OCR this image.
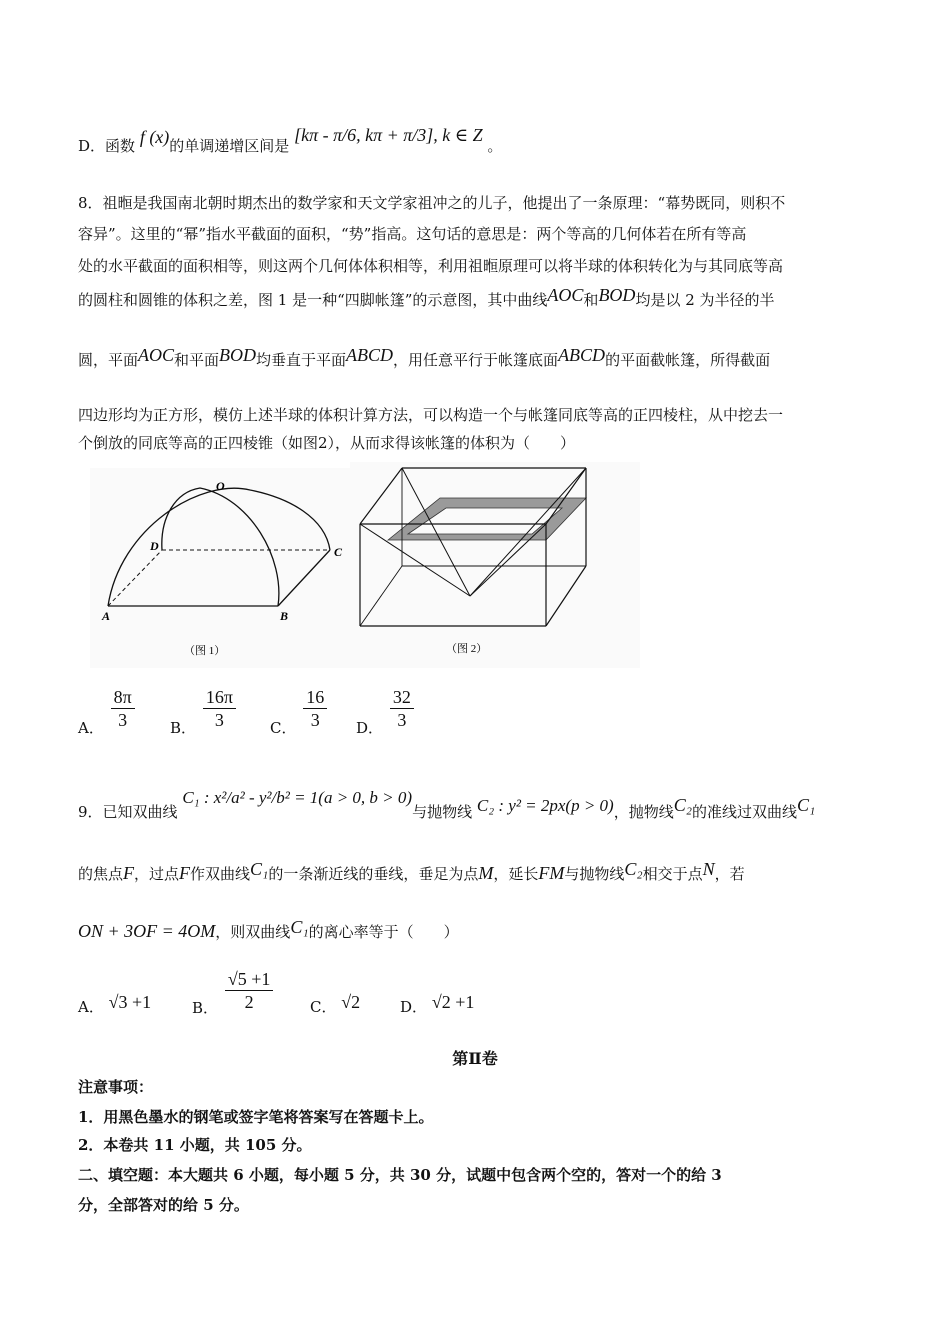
D．函数 f (x)的单调递增区间是 [kπ - π/6, kπ + π/3], k ∈ Z 。
8．祖暅是我国南北朝时期杰出的数学家和天文学家祖冲之的儿子，他提出了一条原理：“幕势既同，则积不
容异”。这里的“幂”指水平截面的面积，“势”指高。这句话的意思是：两个等高的几何体若在所有等高
处的水平截面的面积相等，则这两个几何体体积相等，利用祖暅原理可以将半球的体积转化为与其同底等高
的圆柱和圆锥的体积之差，图 1 是一种“四脚帐篷”的示意图，其中曲线AOC和BOD均是以 2 为半径的半
圆，平面AOC和平面BOD均垂直于平面ABCD，用任意平行于帐篷底面ABCD的平面截帐篷，所得截面
四边形均为正方形，模仿上述半球的体积计算方法，可以构造一个与帐篷同底等高的正四棱柱，从中挖去一
个倒放的同底等高的正四棱锥（如图2），从而求得该帐篷的体积为（　　）
O
A	B
C
D
（图 1）	（图 2）
A． $\frac{8\pi}{3}$ B． $\frac{16\pi}{3}$ C． $\frac{16}{3}$ D． $\frac{32}{3}$
9．已知双曲线 C₁ : x²/a² - y²/b² = 1(a > 0, b > 0)与抛物线 C₂ : y² = 2px(p > 0)，抛物线C₂的准线过双曲线C₁
的焦点F，过点F作双曲线C₁的一条渐近线的垂线，垂足为点M，延长FM与抛物线C₂相交于点N，若
ON + 3OF = 4OM，则双曲线C₁的离心率等于（　　）
A． √3 +1	B． $\frac{√5 +1}{2}$ C． √2	D． √2 +1
第Ⅱ卷
注意事项：
1．用黑色墨水的钢笔或签字笔将答案写在答题卡上。
2．本卷共 11 小题，共 105 分。
二、填空题：本大题共 6 小题，每小题 5 分，共 30 分，试题中包含两个空的，答对一个的给 3
分，全部答对的给 5 分。
